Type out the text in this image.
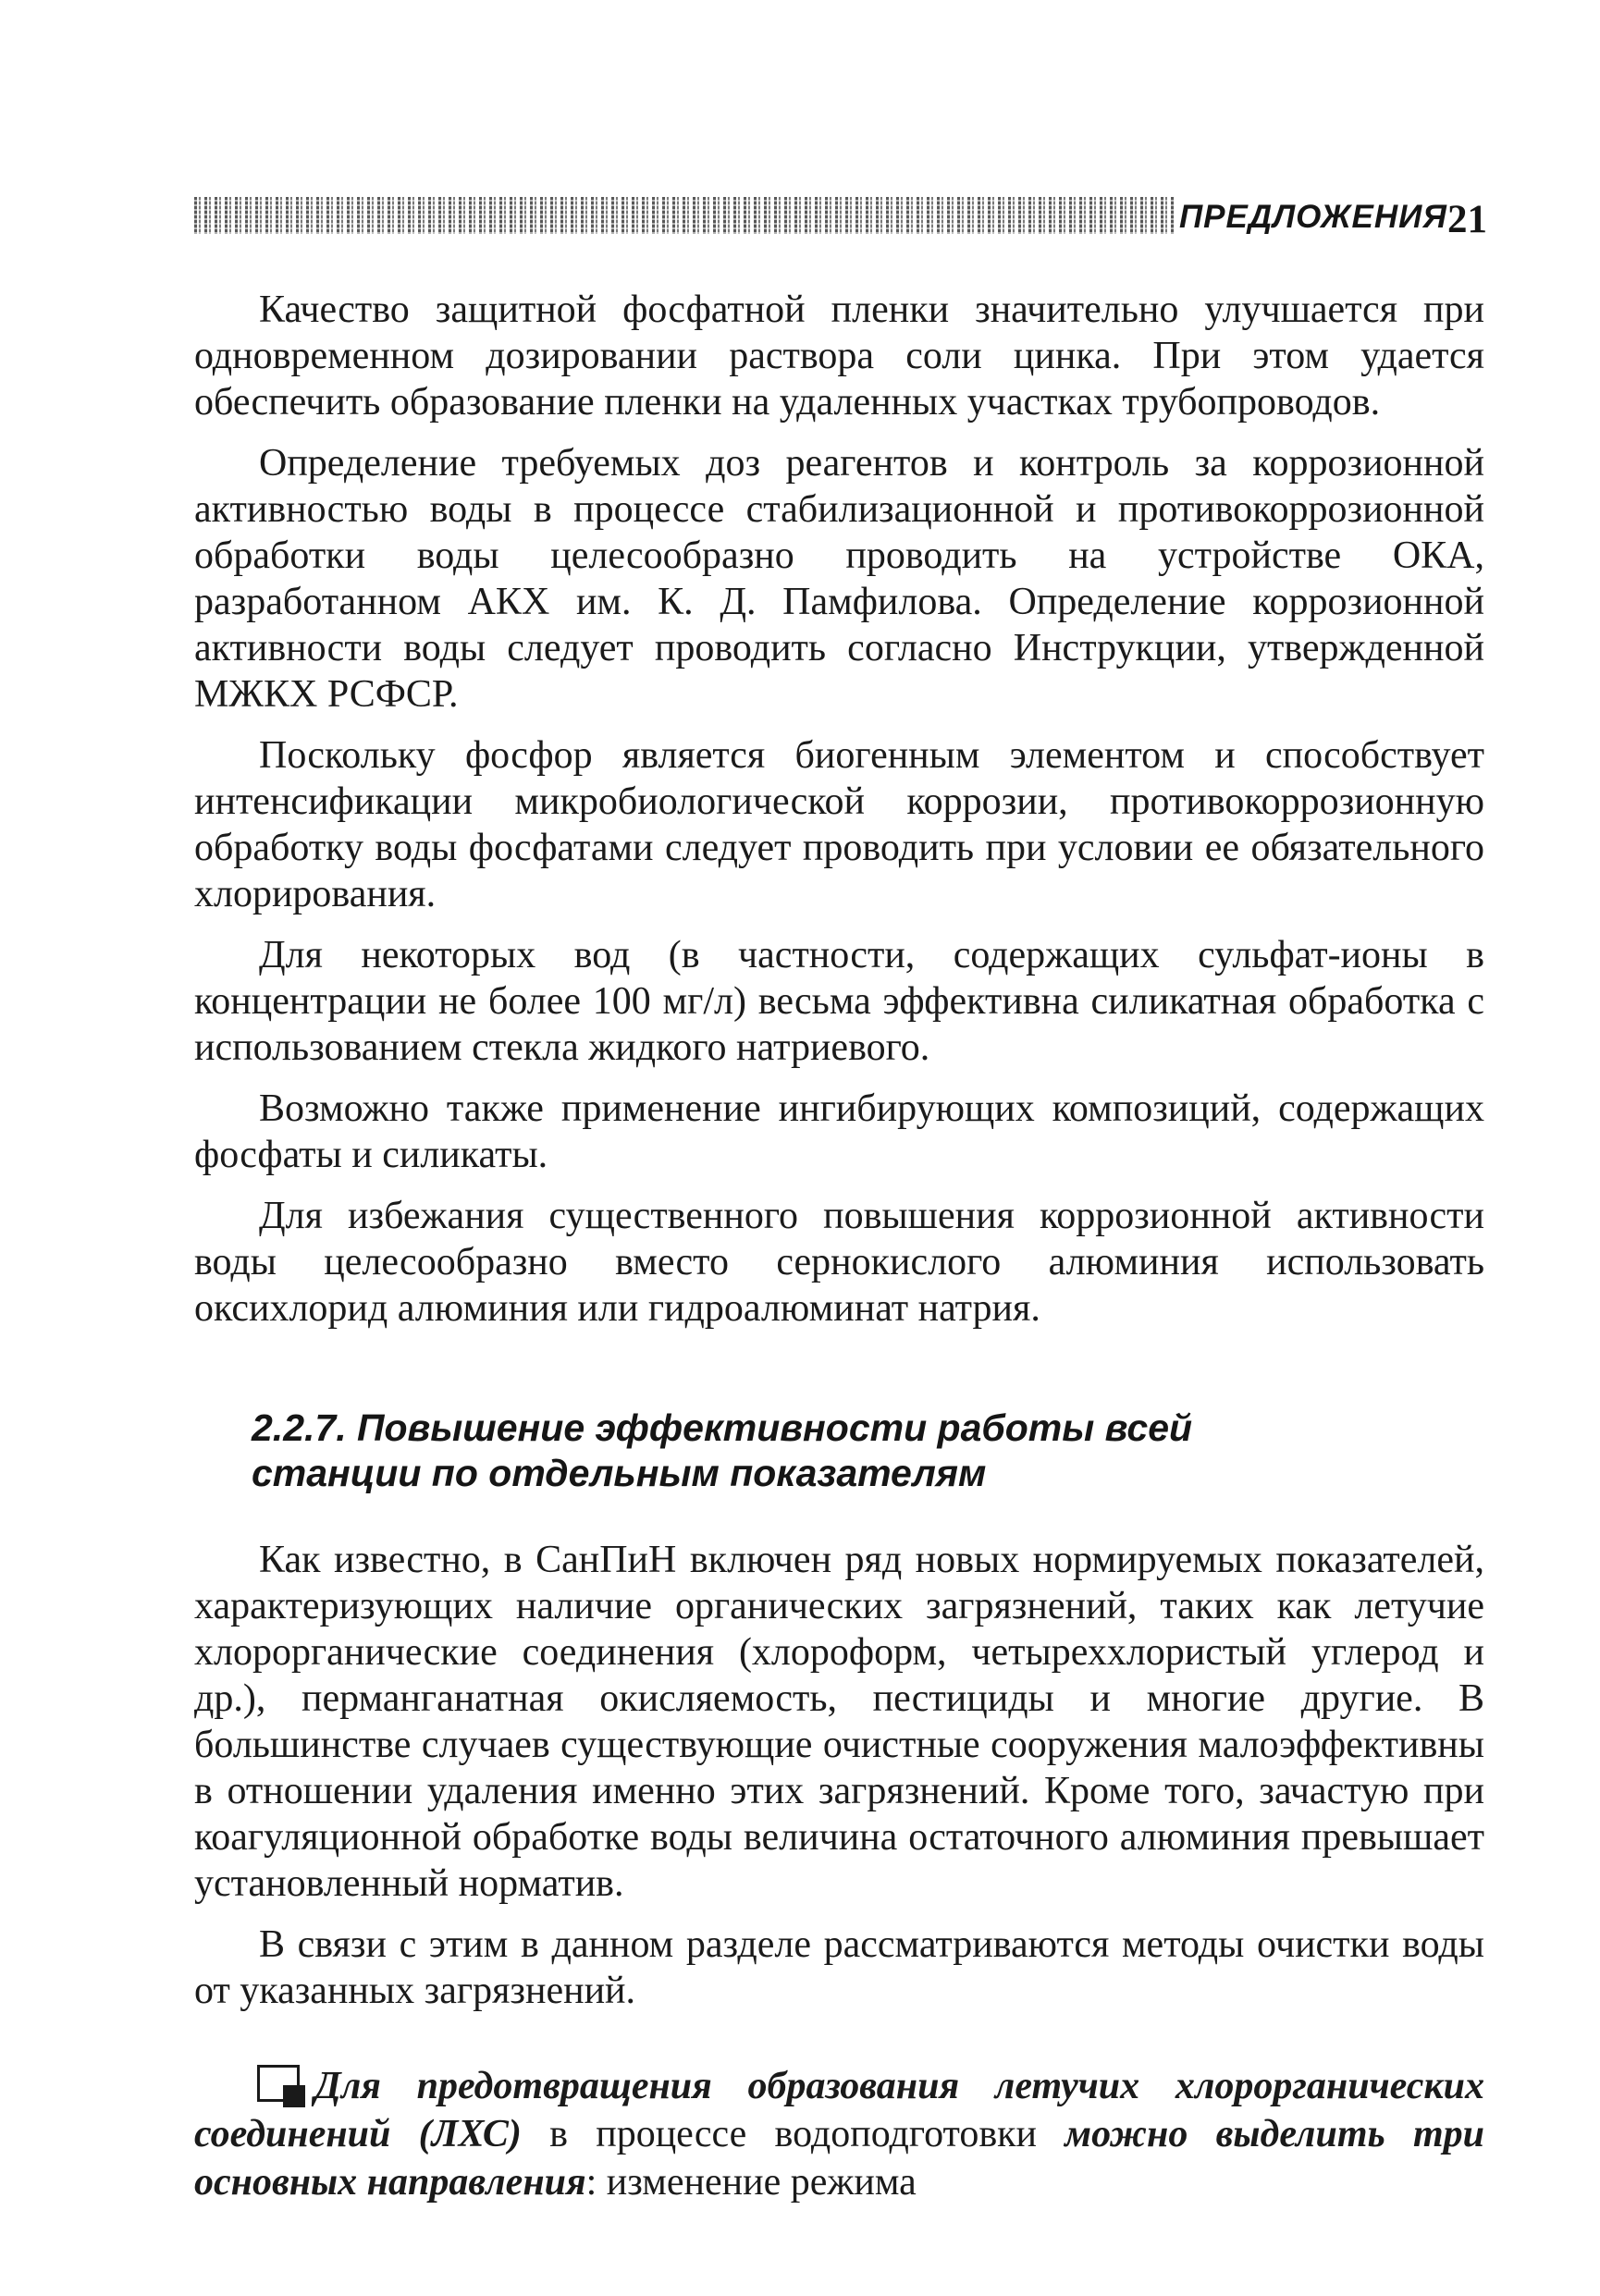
ПРЕДЛОЖЕНИЯ 21

Качество защитной фосфатной пленки значительно улучшается при одновременном дозировании раствора соли цинка. При этом удается обеспечить образование пленки на удаленных участках трубопроводов.

Определение требуемых доз реагентов и контроль за коррозионной активностью воды в процессе стабилизационной и противокоррозионной обработки воды целесообразно проводить на устройстве ОКА, разработанном АКХ им. К. Д. Памфилова. Определение коррозионной активности воды следует проводить согласно Инструкции, утвержденной МЖКХ РСФСР.

Поскольку фосфор является биогенным элементом и способствует интенсификации микробиологической коррозии, противокоррозионную обработку воды фосфатами следует проводить при условии ее обязательного хлорирования.

Для некоторых вод (в частности, содержащих сульфат-ионы в концентрации не более 100 мг/л) весьма эффективна силикатная обработка с использованием стекла жидкого натриевого.

Возможно также применение ингибирующих композиций, содержащих фосфаты и силикаты.

Для избежания существенного повышения коррозионной активности воды целесообразно вместо сернокислого алюминия использовать оксихлорид алюминия или гидроалюминат натрия.

2.2.7. Повышение эффективности работы всей
станции по отдельным показателям

Как известно, в СанПиН включен ряд новых нормируемых показателей, характеризующих наличие органических загрязнений, таких как летучие хлорорганические соединения (хлороформ, четыреххлористый углерод и др.), перманганатная окисляемость, пестициды и многие другие. В большинстве случаев существующие очистные сооружения малоэффективны в отношении удаления именно этих загрязнений. Кроме того, зачастую при коагуляционной обработке воды величина остаточного алюминия превышает установленный норматив.

В связи с этим в данном разделе рассматриваются методы очистки воды от указанных загрязнений.

Для предотвращения образования летучих хлорорганических соединений (ЛХС) в процессе водоподготовки можно выделить три основных направления: изменение режима
